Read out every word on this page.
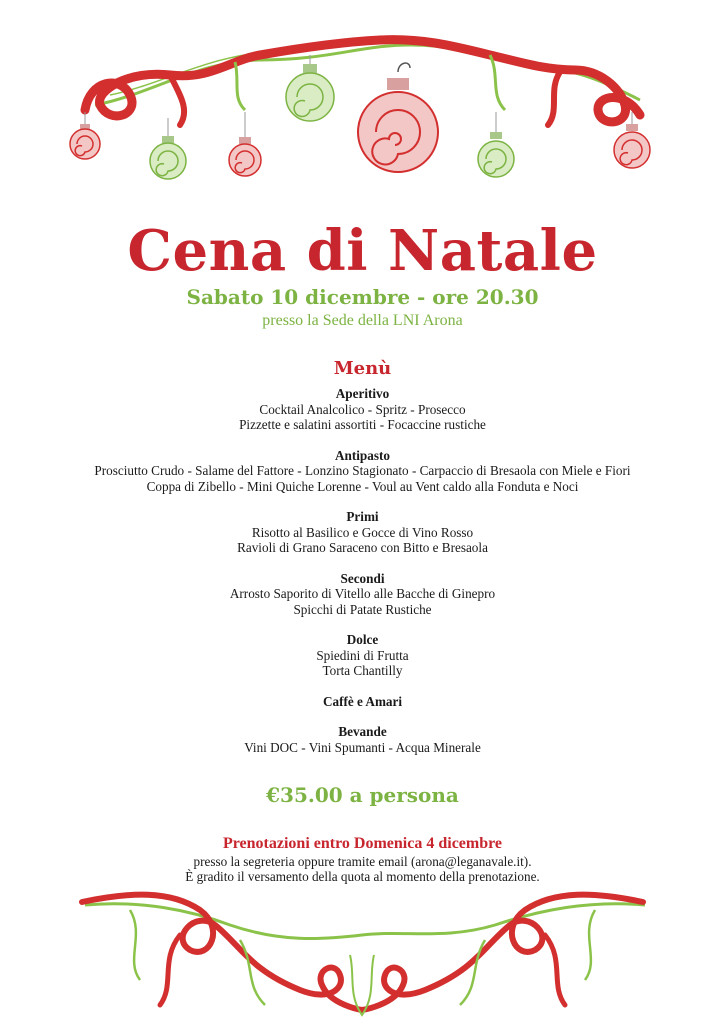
Cena di Natale
Sabato 10 dicembre - ore 20.30
presso la Sede della LNI Arona
Menù
Aperitivo
Cocktail Analcolico - Spritz - Prosecco
Pizzette e salatini assortiti - Focaccine rustiche
Antipasto
Prosciutto Crudo - Salame del Fattore - Lonzino Stagionato - Carpaccio di Bresaola con Miele e Fiori
Coppa di Zibello - Mini Quiche Lorenne - Voul au Vent caldo alla Fonduta e Noci
Primi
Risotto al Basilico e Gocce di Vino Rosso
Ravioli di Grano Saraceno con Bitto e Bresaola
Secondi
Arrosto Saporito di Vitello alle Bacche di Ginepro
Spicchi di Patate Rustiche
Dolce
Spiedini di Frutta
Torta Chantilly
Caffè e Amari
Bevande
Vini DOC - Vini Spumanti - Acqua Minerale
€35.00 a persona
Prenotazioni entro Domenica 4 dicembre
presso la segreteria oppure tramite email (arona@leganavale.it).
È gradito il versamento della quota al momento della prenotazione.
